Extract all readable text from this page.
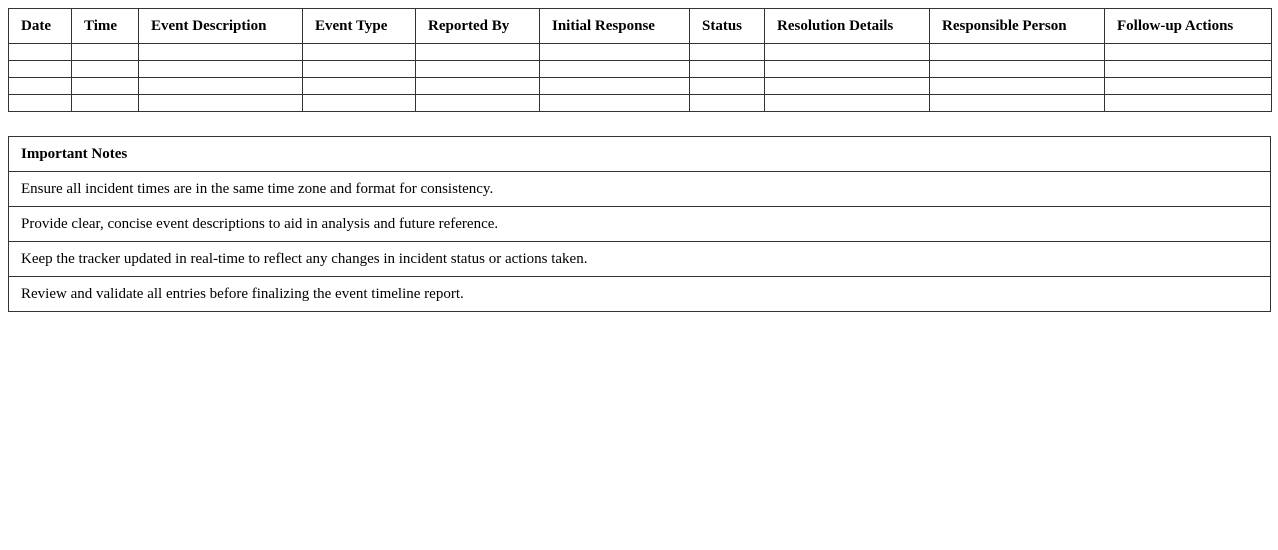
Date	Time	Event Description	Event Type	Reported By	Initial Response	Status	Resolution Details	Responsible Person	Follow-up Actions

Important Notes
Ensure all incident times are in the same time zone and format for consistency.
Provide clear, concise event descriptions to aid in analysis and future reference.
Keep the tracker updated in real-time to reflect any changes in incident status or actions taken.
Review and validate all entries before finalizing the event timeline report.
